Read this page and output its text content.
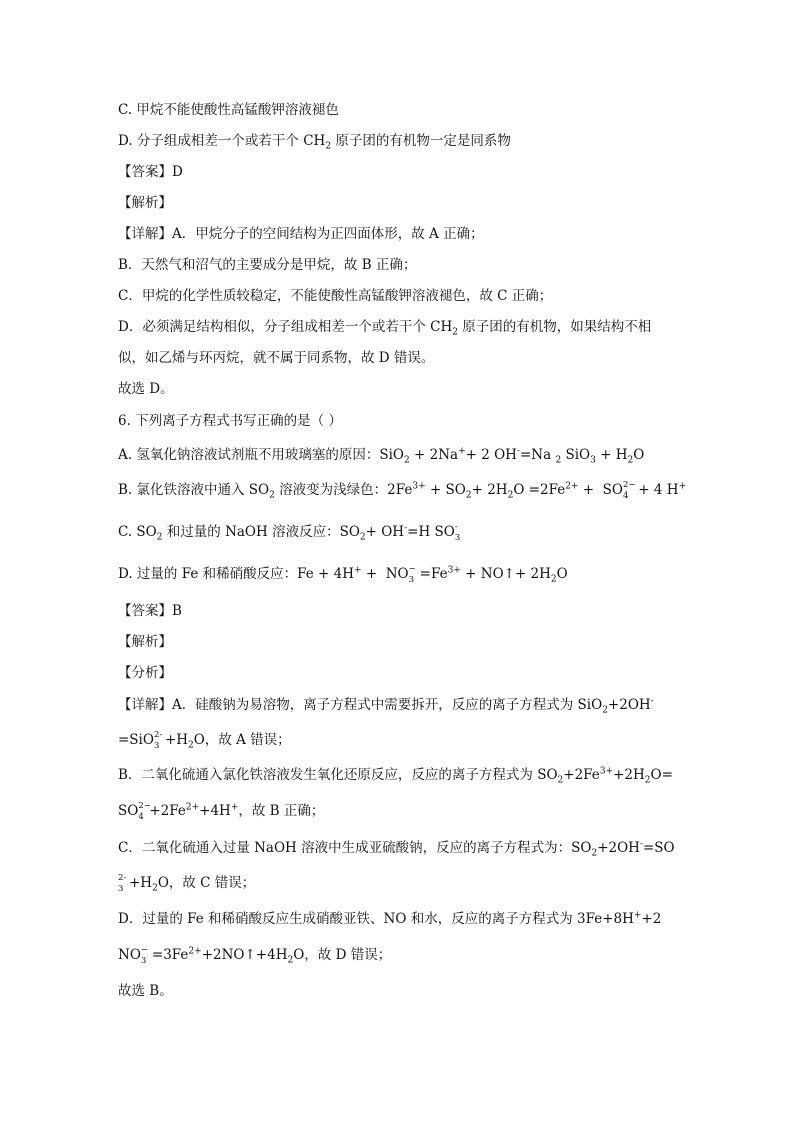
C. 甲烷不能使酸性高锰酸钾溶液褪色
D. 分子组成相差一个或若干个 $CH_2$ 原子团的有机物一定是同系物
【答案】D
【解析】
【详解】A．甲烷分子的空间结构为正四面体形，故 A 正确；
B．天然气和沼气的主要成分是甲烷，故 B 正确；
C．甲烷的化学性质较稳定，不能使酸性高锰酸钾溶液褪色，故 C 正确；
D．必须满足结构相似，分子组成相差一个或若干个 $CH_2$ 原子团的有机物，如果结构不相
似，如乙烯与环丙烷，就不属于同系物，故 D 错误。
故选 D。
6. 下列离子方程式书写正确的是（ ）
A. 氢氧化钠溶液试剂瓶不用玻璃塞的原因：SiO$_2$ + 2Na++ 2 OH-=Na $_2$ $SiO_3 + H_2O$
B. 氯化铁溶液中通入 $SO_2$ 溶液变为浅绿色：$2Fe^{3+} + SO_2+ 2H_2O =2Fe^{2+}$ +  SO 2−
4 + 4 H+
C. $SO_2$ 和过量的 NaOH 溶液反应：$SO_2+ OH^-=H$ SO -
3
D. 过量的 Fe 和稀硝酸反应：Fe + 4H+ +  NO −
$3 =Fe^{3+}$ + NO↑+ $2H_2O$
【答案】B
【解析】
【分析】
【详解】A．硅酸钠为易溶物，离子方程式中需要拆开，反应的离子方程式为 SiO$_2$+2OH-
=SiO 2-
$3 +H_2O$，故 A 错误；
B．二氧化硫通入氯化铁溶液发生氧化还原反应，反应的离子方程式为 $SO_2+2Fe^{3+}+2H_2O=$
SO 2−
$4 +2Fe^{2+}+4H^+$，故 B 正确；
C．二氧化硫通入过量 NaOH 溶液中生成亚硫酸钠，反应的离子方程式为：$SO_2+2OH^-=SO$
2-
$3 +H_2O$，故 C 错误；
D．过量的 Fe 和稀硝酸反应生成硝酸亚铁、NO 和水，反应的离子方程式为 3Fe+8H++2
NO −
$3 =3Fe^{2+}+2NO↑+4H_2O$，故 D 错误；
故选 B。
